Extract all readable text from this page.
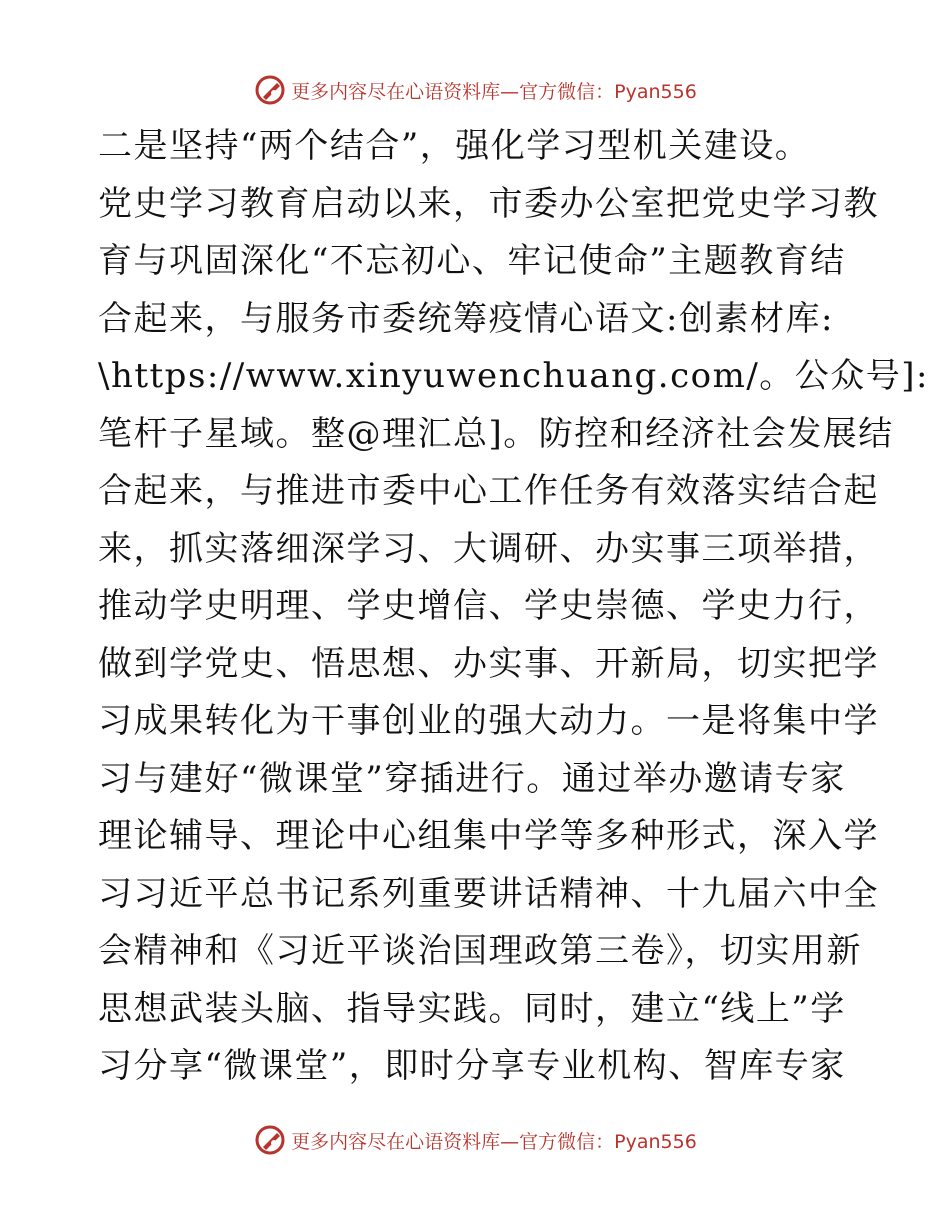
更多内容尽在心语资料库—官方微信：Pyan556
二是坚持“两个结合”，强化学习型机关建设。
党史学习教育启动以来，市委办公室把党史学习教
育与巩固深化“不忘初心、牢记使命”主题教育结
合起来，与服务市委统筹疫情心语文:创素材库:
\https://www.xinyuwenchuang.com/。公众号]:
笔杆子星域。整@理汇总]。防控和经济社会发展结
合起来，与推进市委中心工作任务有效落实结合起
来，抓实落细深学习、大调研、办实事三项举措，
推动学史明理、学史增信、学史崇德、学史力行，
做到学党史、悟思想、办实事、开新局，切实把学
习成果转化为干事创业的强大动力。一是将集中学
习与建好“微课堂”穿插进行。通过举办邀请专家
理论辅导、理论中心组集中学等多种形式，深入学
习习近平总书记系列重要讲话精神、十九届六中全
会精神和《习近平谈治国理政第三卷》，切实用新
思想武装头脑、指导实践。同时，建立“线上”学
习分享“微课堂”，即时分享专业机构、智库专家
更多内容尽在心语资料库—官方微信：Pyan556
